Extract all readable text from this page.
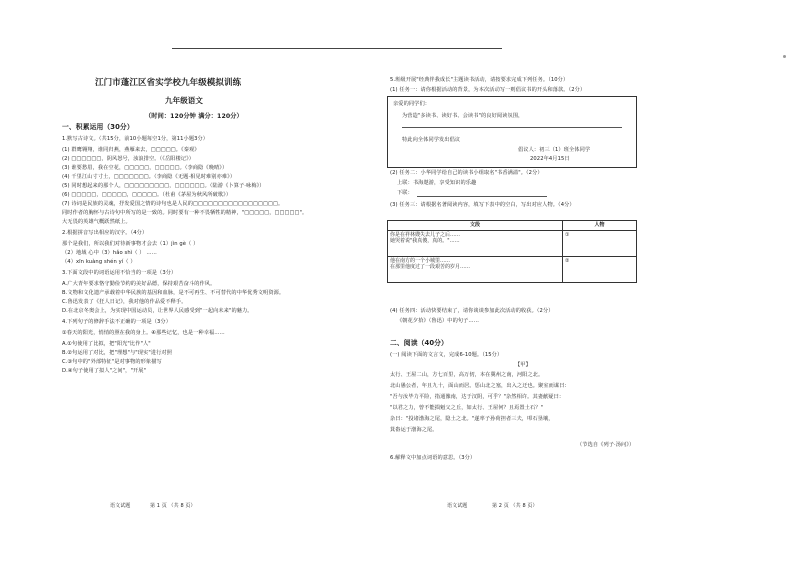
江门市蓬江区省实学校九年级模拟训练
九年级语文
（时间：120分钟 满分：120分）
一、积累运用（30分）
1.默写古诗文。（共15分，前10小题每空1分，第11小题3分）
(1) 群鹰翱翔，谁同归燕，燕雁来去，□□□□□。《秦观》
(2) □□□□□□，阴风怒号，浊浪排空。（《岳阳楼记》）
(3) 谁要愁眉，我在空花，□□□□□，□□□□□。（李商隐《晚晴》）
(4) 千里江山寸寸土，□□□□□□□。（李商隐《无题·相见时难别亦难》）
(5) 同时想起来的那个人，□□□□□□□□□，□□□□□□。（陆游《卜算子·咏梅》）
(6) □□□□□，□□□□□，□□□□□。（杜甫《茅屋为秋风所破歌》）
(7) 诗词是民族的灵魂，抒发爱国之情的诗句也是人民的□□□□□□□□□□□□□□□□□。
同时作者的胸怀与古诗句中所写的是一致的。同时要有一种不畏牺牲的精神，"□□□□□，□□□□□"。
大无畏的英雄气概跃然纸上。
2.根据拼音写出相应的汉字。（4分）
那个是我们，所以我们对待新事物才会去（1）jìn gè（ ）
（2）地域 心中（3）hǎo shì（ ） ……
（4）xīn kuàng shén yí（ ）
3.下面文段中的词语运用不恰当的一项是（3分）
A.广大青年要求恪守勤俭节约的美好品德，保持艰苦奋斗的作风。
B.文物和文化遗产承载着中华民族的基因和血脉，是不可再生、不可替代的中华优秀文明资源。
C.鲁迅发表了《狂人日记》，我对他的作品爱不释手。
D.在北京冬奥会上，为实现中国运动员，让世界人民感受到"一起向未来"的魅力。
4.下列句子的修辞手法不正确的一项是（3分）
①春天的阳光，悄悄的照在我的身上。④那些记忆，也是一种幸福……
A.①句使用了比拟，把"阳光"比作"人"
B.②句运用了对比，把"理想"与"现实"进行对照
C.③句中的"外部特征"是对事物的形象描写
D.④句子使用了拟人"之间"，"开展"
语文试题	第 1 页 （共 8 页）
5.班级开展"经典伴我成长"主题读书活动，请按要求完成下列任务。（10分）
(1) 任务一：请你根据活动的背景，为本次活动写一则倡议书的开头和落款。（2分）
亲爱的同学们：
为营造"多读书、读好书、会读书"的良好阅读氛围，
特此向全体同学发出倡议
倡议人：初三（1）班全体同学
2022年4月15日
(2) 任务二：小华同学给自己的读书小组取名"书香满溢"。（2分）
上联：书海遨游，享受知识的乐趣
下联：
(3) 任务三：请根据名著阅读内容，填写下表中的空白，写出对应人物。（4分）
文段	人物

你是在祥林嫂失去儿子之后……
她哭着说"我真傻，真的。"……	①

他在南方的一个小城里……
在那里他度过了一段艰苦的岁月……	②
(4) 任务四：活动快要结束了，请你谈谈参加此次活动的收获。（2分）
《朝花夕拾》（鲁迅）中的句子……
二、阅读（40分）
(一) 阅读下面的文言文，完成6-10题。（15分）
【甲】
太行、王屋二山，方七百里，高万仞，本在冀州之南，河阳之北。
北山愚公者，年且九十，面山而居。惩山北之塞，出入之迂也。聚室而谋曰：
"吾与汝毕力平险，指通豫南，达于汉阴，可乎？"杂然相许。其妻献疑曰：
"以君之力，曾不能损魁父之丘，如太行、王屋何？且焉置土石？"
杂曰："投诸渤海之尾，隐土之北。"遂率子孙荷担者三夫，叩石垦壤，
箕畚运于渤海之尾。
（节选自《列子·汤问》）
6.解释文中加点词语的意思。（3分）
语文试题	第 2 页 （共 8 页）
